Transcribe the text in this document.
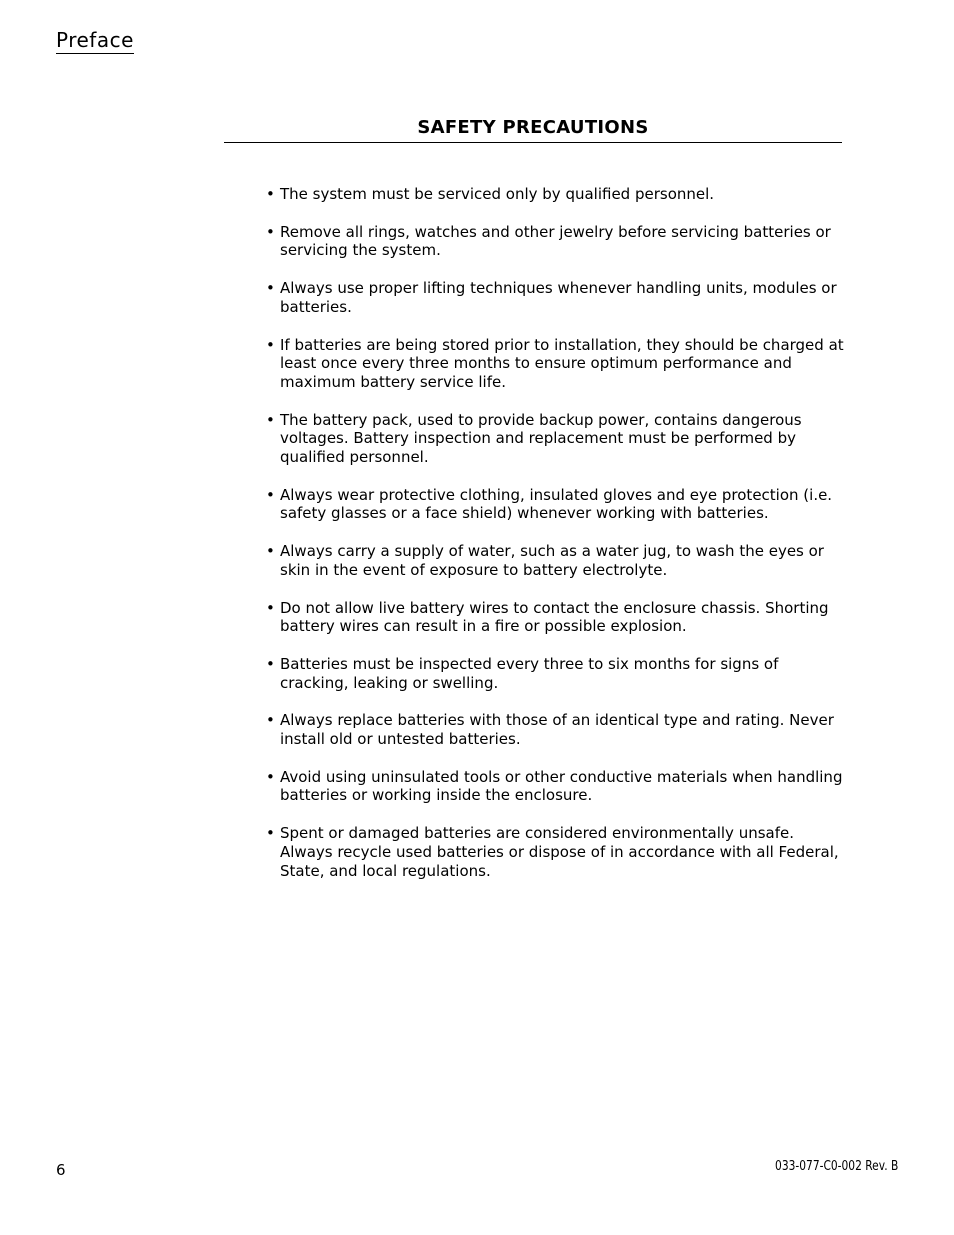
Preface
SAFETY PRECAUTIONS
• The system must be serviced only by qualified personnel.
• Remove all rings, watches and other jewelry before servicing batteries or servicing the system.
• Always use proper lifting techniques whenever handling units, modules or batteries.
• If batteries are being stored prior to installation, they should be charged at least once every three months to ensure optimum performance and maximum battery service life.
• The battery pack, used to provide backup power, contains dangerous voltages. Battery inspection and replacement must be performed by qualified personnel.
• Always wear protective clothing, insulated gloves and eye protection (i.e. safety glasses or a face shield) whenever working with batteries.
• Always carry a supply of water, such as a water jug, to wash the eyes or skin in the event of exposure to battery electrolyte.
• Do not allow live battery wires to contact the enclosure chassis. Shorting battery wires can result in a fire or possible explosion.
• Batteries must be inspected every three to six months for signs of cracking, leaking or swelling.
• Always replace batteries with those of an identical type and rating. Never install old or untested batteries.
• Avoid using uninsulated tools or other conductive materials when handling batteries or working inside the enclosure.
• Spent or damaged batteries are considered environmentally unsafe. Always recycle used batteries or dispose of in accordance with all Federal, State, and local regulations.
6	033-077-C0-002 Rev. B
